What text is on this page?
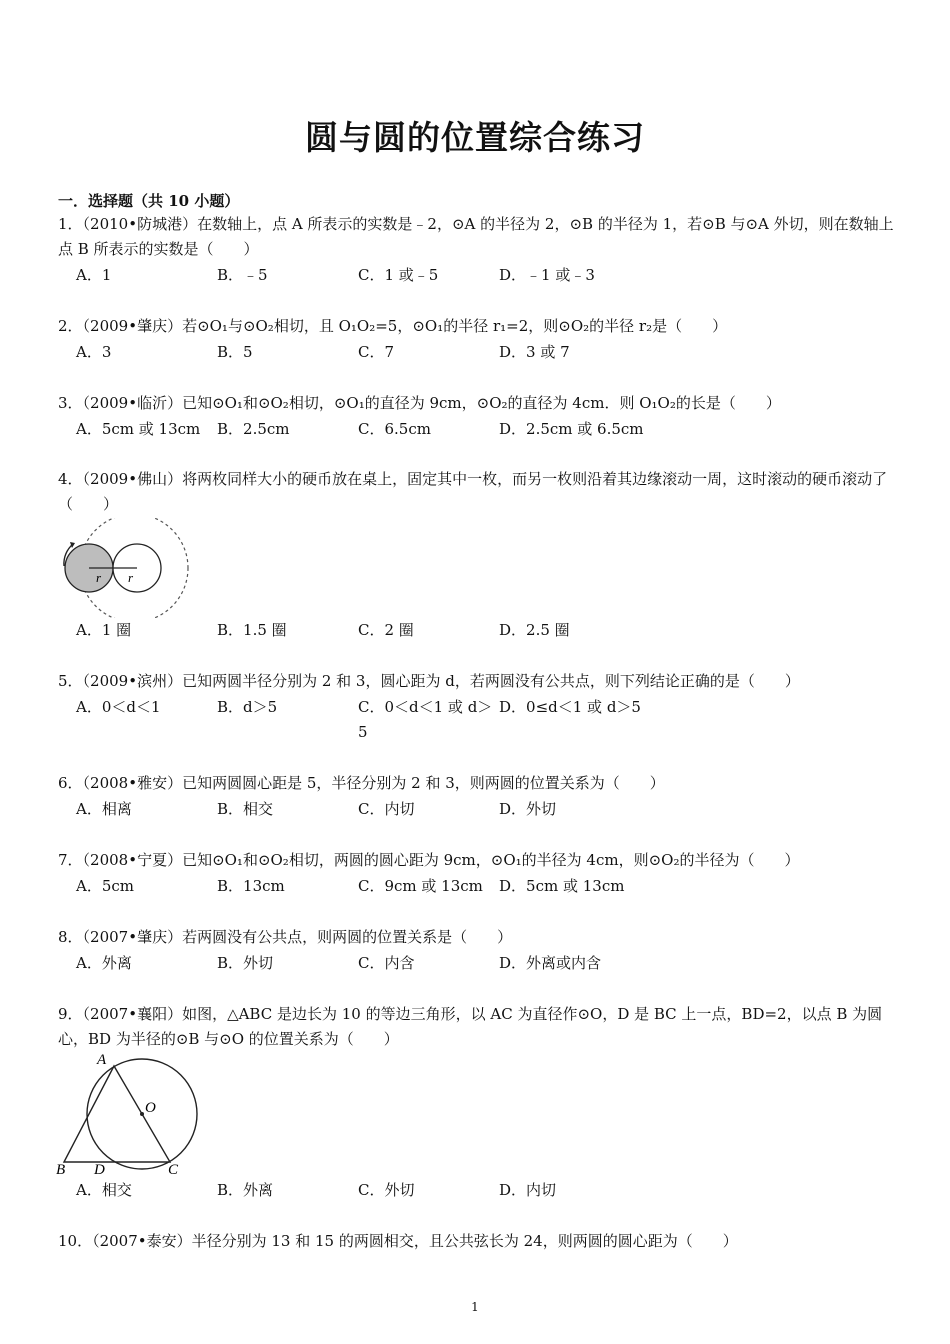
圆与圆的位置综合练习
一．选择题（共 10 小题）
1．（2010•防城港）在数轴上，点 A 所表示的实数是﹣2，⊙A 的半径为 2，⊙B 的半径为 1，若⊙B 与⊙A 外切，则在数轴上点 B 所表示的实数是（　　）
A．1	B．﹣5	C．1 或﹣5	D．﹣1 或﹣3
2．（2009•肇庆）若⊙O₁与⊙O₂相切，且 O₁O₂=5，⊙O₁的半径 r₁=2，则⊙O₂的半径 r₂是（　　）
A．3	B．5	C．7	D．3 或 7
3．（2009•临沂）已知⊙O₁和⊙O₂相切，⊙O₁的直径为 9cm，⊙O₂的直径为 4cm．则 O₁O₂的长是（　　）
A．5cm 或 13cm	B．2.5cm	C．6.5cm	D．2.5cm 或 6.5cm
4．（2009•佛山）将两枚同样大小的硬币放在桌上，固定其中一枚，而另一枚则沿着其边缘滚动一周，这时滚动的硬币滚动了（　　）
r r
A．1 圈	B．1.5 圈	C．2 圈	D．2.5 圈
5．（2009•滨州）已知两圆半径分别为 2 和 3，圆心距为 d，若两圆没有公共点，则下列结论正确的是（　　）
A．0＜d＜1	B．d＞5	C．0＜d＜1 或 d＞5
D．0≤d＜1 或 d＞5
6．（2008•雅安）已知两圆圆心距是 5，半径分别为 2 和 3，则两圆的位置关系为（　　）
A．相离	B．相交	C．内切	D．外切
7．（2008•宁夏）已知⊙O₁和⊙O₂相切，两圆的圆心距为 9cm，⊙O₁的半径为 4cm，则⊙O₂的半径为（　　）
A．5cm	B．13cm	C．9cm 或 13cm	D．5cm 或 13cm
8．（2007•肇庆）若两圆没有公共点，则两圆的位置关系是（　　）
A．外离	B．外切	C．内含	D．外离或内含
9．（2007•襄阳）如图，△ABC 是边长为 10 的等边三角形，以 AC 为直径作⊙O，D 是 BC 上一点，BD=2，以点 B 为圆心，BD 为半径的⊙B 与⊙O 的位置关系为（　　）
A
O
B D	C
A．相交	B．外离	C．外切	D．内切
10．（2007•泰安）半径分别为 13 和 15 的两圆相交，且公共弦长为 24，则两圆的圆心距为（　　）
1
